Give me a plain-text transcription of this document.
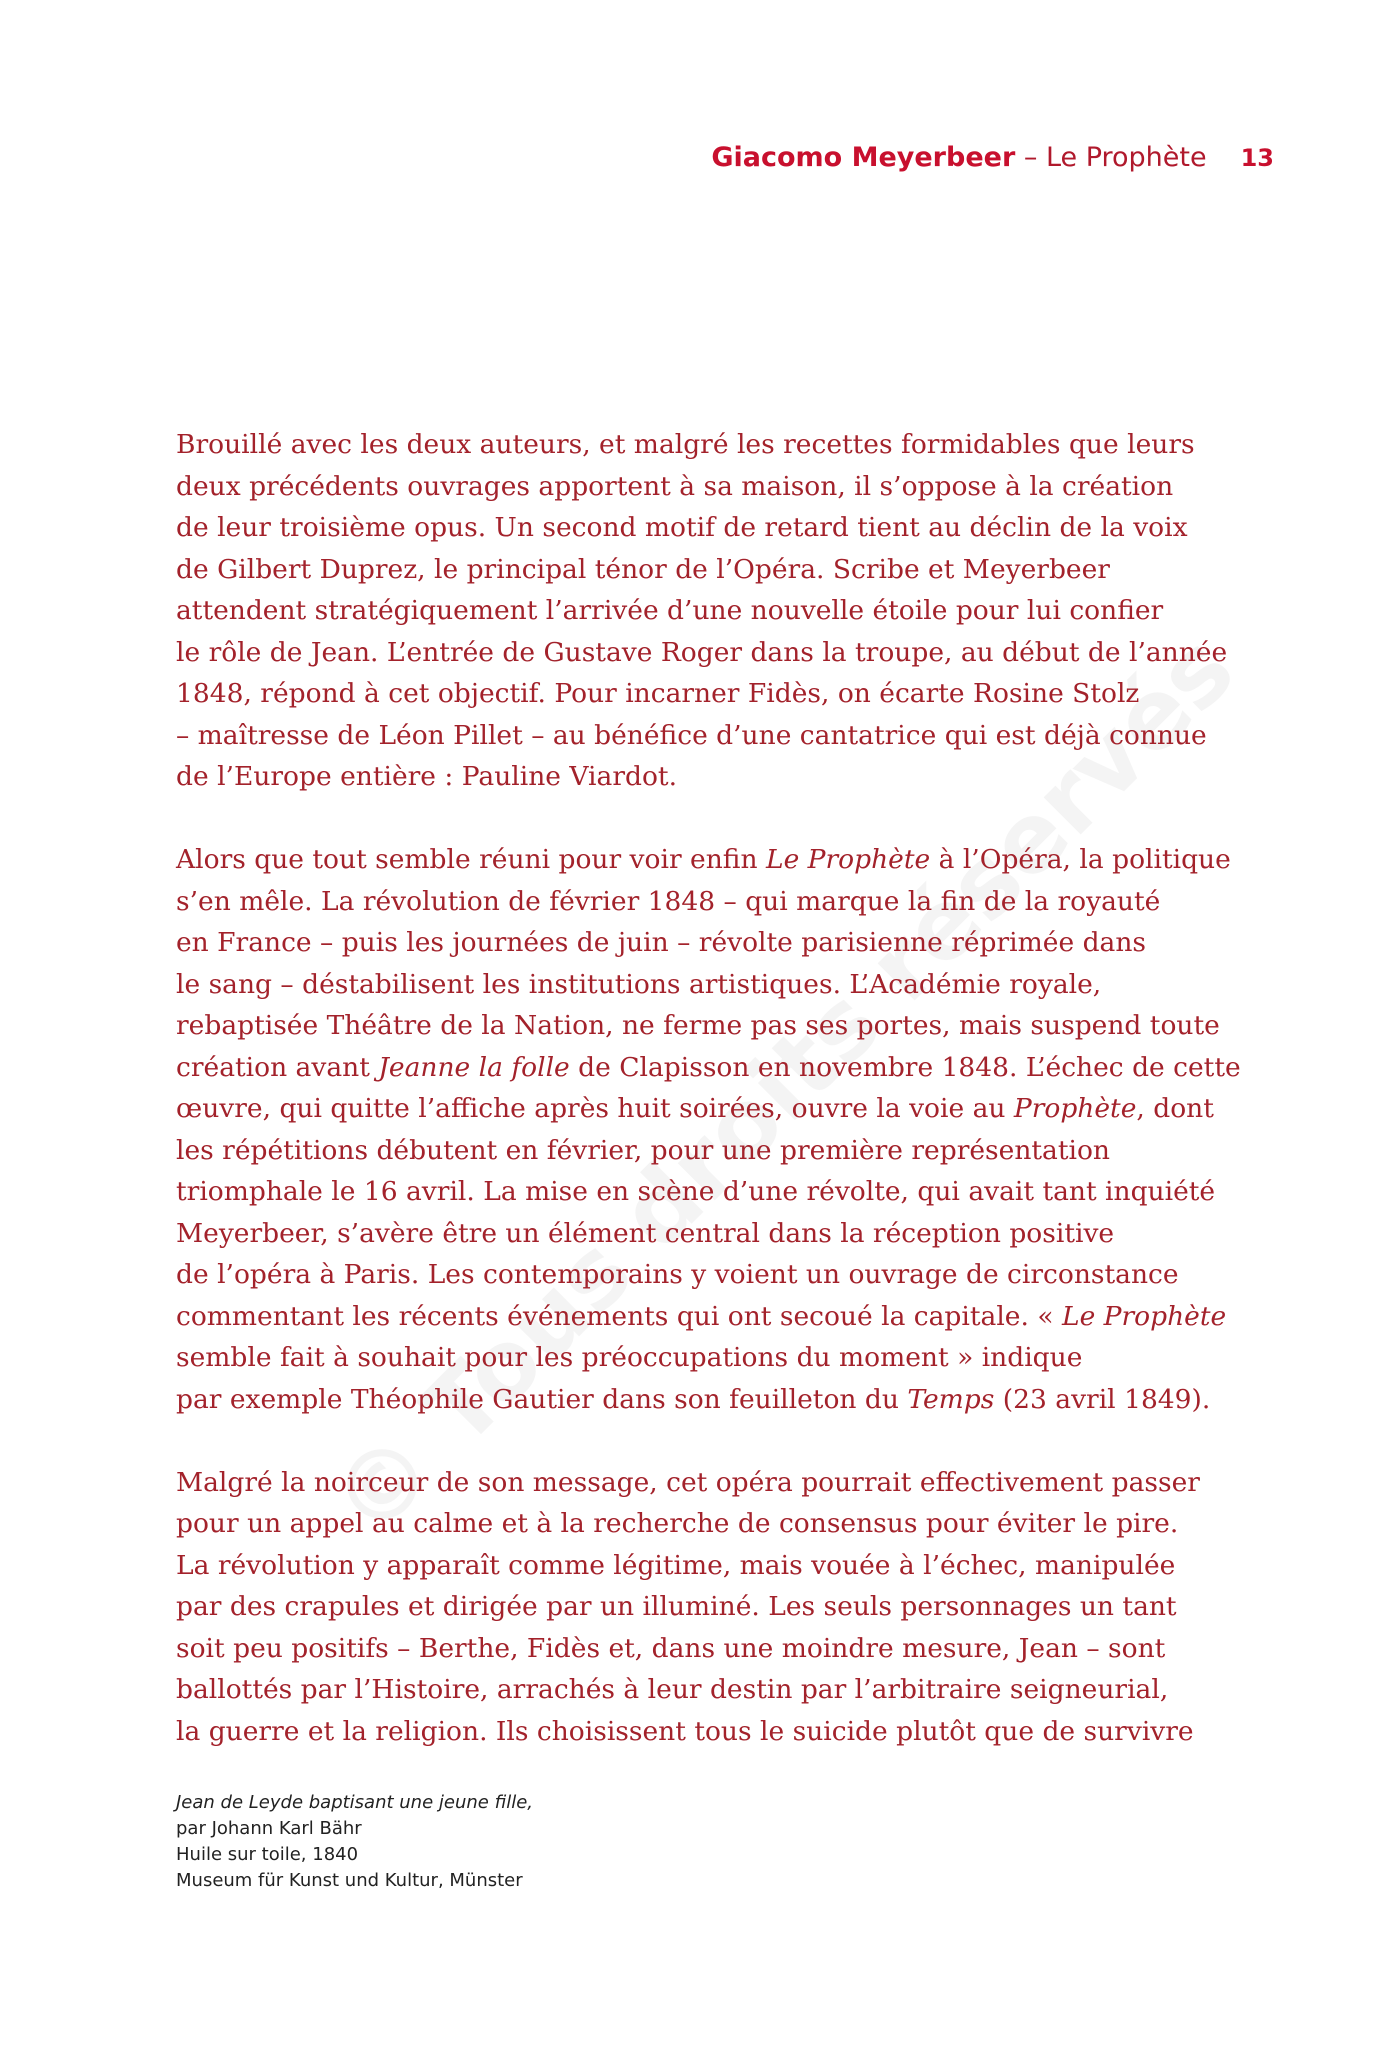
Giacomo Meyerbeer – Le Prophète 13
Brouillé avec les deux auteurs, et malgré les recettes formidables que leurs
deux précédents ouvrages apportent à sa maison, il s’oppose à la création
de leur troisième opus. Un second motif de retard tient au déclin de la voix
de Gilbert Duprez, le principal ténor de l’Opéra. Scribe et Meyerbeer
attendent stratégiquement l’arrivée d’une nouvelle étoile pour lui confier
le rôle de Jean. L’entrée de Gustave Roger dans la troupe, au début de l’année
1848, répond à cet objectif. Pour incarner Fidès, on écarte Rosine Stolz
– maîtresse de Léon Pillet – au bénéfice d’une cantatrice qui est déjà connue
de l’Europe entière : Pauline Viardot.
Alors que tout semble réuni pour voir enfin Le Prophète à l’Opéra, la politique
s’en mêle. La révolution de février 1848 – qui marque la fin de la royauté
en France – puis les journées de juin – révolte parisienne réprimée dans
le sang – déstabilisent les institutions artistiques. L’Académie royale,
rebaptisée Théâtre de la Nation, ne ferme pas ses portes, mais suspend toute
création avant Jeanne la folle de Clapisson en novembre 1848. L’échec de cette
œuvre, qui quitte l’affiche après huit soirées, ouvre la voie au Prophète, dont
les répétitions débutent en février, pour une première représentation
triomphale le 16 avril. La mise en scène d’une révolte, qui avait tant inquiété
Meyerbeer, s’avère être un élément central dans la réception positive
de l’opéra à Paris. Les contemporains y voient un ouvrage de circonstance
commentant les récents événements qui ont secoué la capitale. « Le Prophète
semble fait à souhait pour les préoccupations du moment » indique
par exemple Théophile Gautier dans son feuilleton du Temps (23 avril 1849).
Malgré la noirceur de son message, cet opéra pourrait effectivement passer
pour un appel au calme et à la recherche de consensus pour éviter le pire.
La révolution y apparaît comme légitime, mais vouée à l’échec, manipulée
par des crapules et dirigée par un illuminé. Les seuls personnages un tant
soit peu positifs – Berthe, Fidès et, dans une moindre mesure, Jean – sont
ballottés par l’Histoire, arrachés à leur destin par l’arbitraire seigneurial,
la guerre et la religion. Ils choisissent tous le suicide plutôt que de survivre
Jean de Leyde baptisant une jeune fille,
par Johann Karl Bähr
Huile sur toile, 1840
Museum für Kunst und Kultur, Münster
